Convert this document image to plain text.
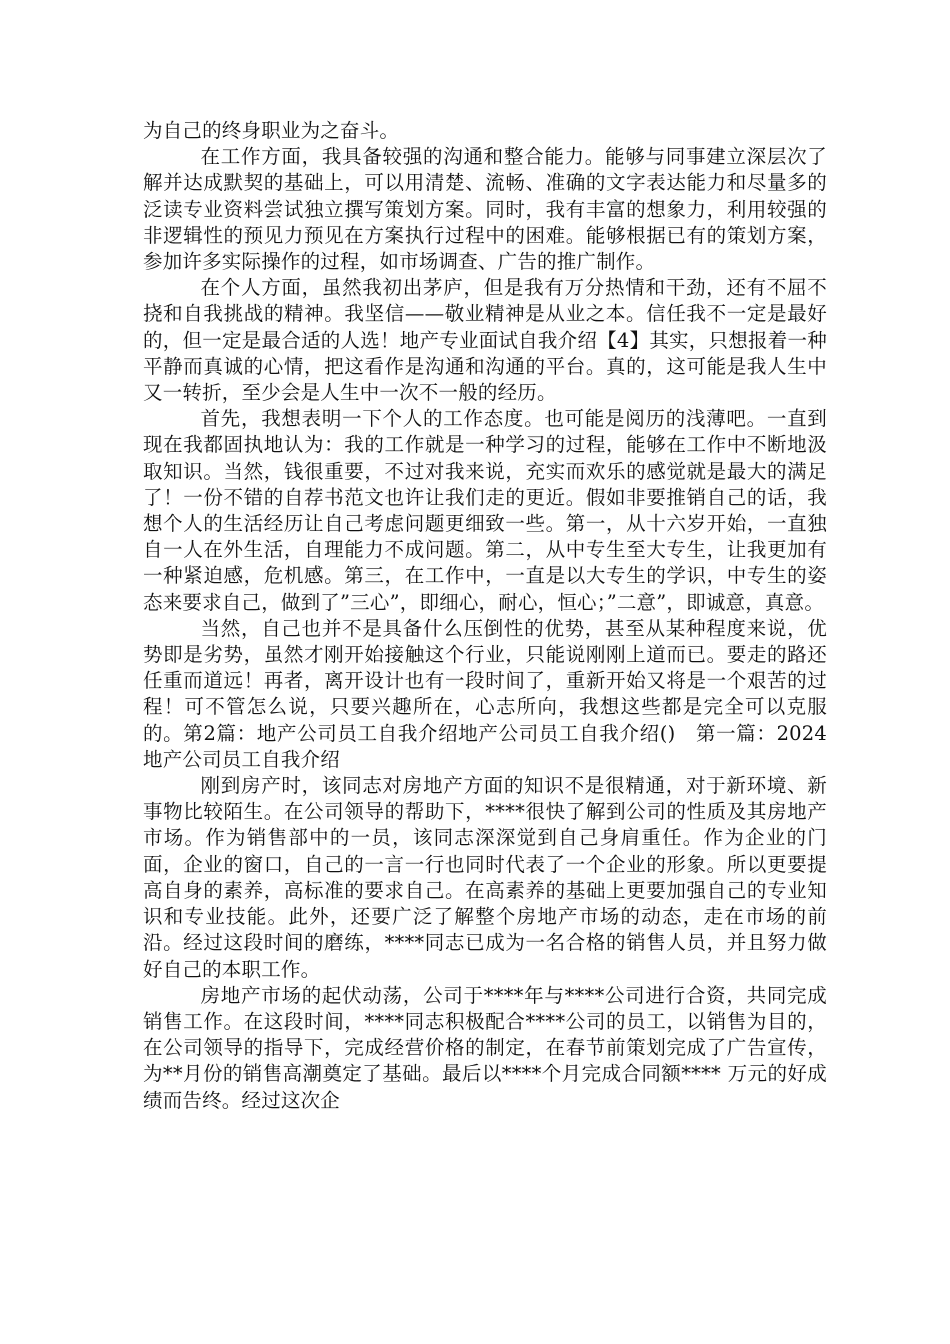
为自己的终身职业为之奋斗。

在工作方面，我具备较强的沟通和整合能力。能够与同事建立深层次了解并达成默契的基础上，可以用清楚、流畅、准确的文字表达能力和尽量多的泛读专业资料尝试独立撰写策划方案。同时，我有丰富的想象力，利用较强的非逻辑性的预见力预见在方案执行过程中的困难。能够根据已有的策划方案，参加许多实际操作的过程，如市场调查、广告的推广制作。

在个人方面，虽然我初出茅庐，但是我有万分热情和干劲，还有不屈不挠和自我挑战的精神。我坚信——敬业精神是从业之本。信任我不一定是最好的，但一定是最合适的人选！地产专业面试自我介绍【4】其实，只想报着一种平静而真诚的心情，把这看作是沟通和沟通的平台。真的，这可能是我人生中又一转折，至少会是人生中一次不一般的经历。

首先，我想表明一下个人的工作态度。也可能是阅历的浅薄吧。一直到现在我都固执地认为：我的工作就是一种学习的过程，能够在工作中不断地汲取知识。当然，钱很重要，不过对我来说，充实而欢乐的感觉就是最大的满足了！一份不错的自荐书范文也许让我们走的更近。假如非要推销自己的话，我想个人的生活经历让自己考虑问题更细致一些。第一，从十六岁开始，一直独自一人在外生活，自理能力不成问题。第二，从中专生至大专生，让我更加有一种紧迫感，危机感。第三，在工作中，一直是以大专生的学识，中专生的姿态来要求自己，做到了”三心”，即细心，耐心，恒心；”二意”，即诚意，真意。

当然，自己也并不是具备什么压倒性的优势，甚至从某种程度来说，优势即是劣势，虽然才刚开始接触这个行业，只能说刚刚上道而已。要走的路还任重而道远！再者，离开设计也有一段时间了，重新开始又将是一个艰苦的过程！可不管怎么说，只要兴趣所在，心志所向，我想这些都是完全可以克服的。第2篇：地产公司员工自我介绍地产公司员工自我介绍()　第一篇：2024地产公司员工自我介绍

刚到房产时，该同志对房地产方面的知识不是很精通，对于新环境、新事物比较陌生。在公司领导的帮助下，****很快了解到公司的性质及其房地产市场。作为销售部中的一员，该同志深深觉到自己身肩重任。作为企业的门面，企业的窗口，自己的一言一行也同时代表了一个企业的形象。所以更要提高自身的素养，高标准的要求自己。在高素养的基础上更要加强自己的专业知识和专业技能。此外，还要广泛了解整个房地产市场的动态，走在市场的前沿。经过这段时间的磨练，****同志已成为一名合格的销售人员，并且努力做好自己的本职工作。

房地产市场的起伏动荡，公司于****年与****公司进行合资，共同完成销售工作。在这段时间，****同志积极配合****公司的员工，以销售为目的，在公司领导的指导下，完成经营价格的制定，在春节前策划完成了广告宣传，为**月份的销售高潮奠定了基础。最后以****个月完成合同额**** 万元的好成绩而告终。经过这次企
